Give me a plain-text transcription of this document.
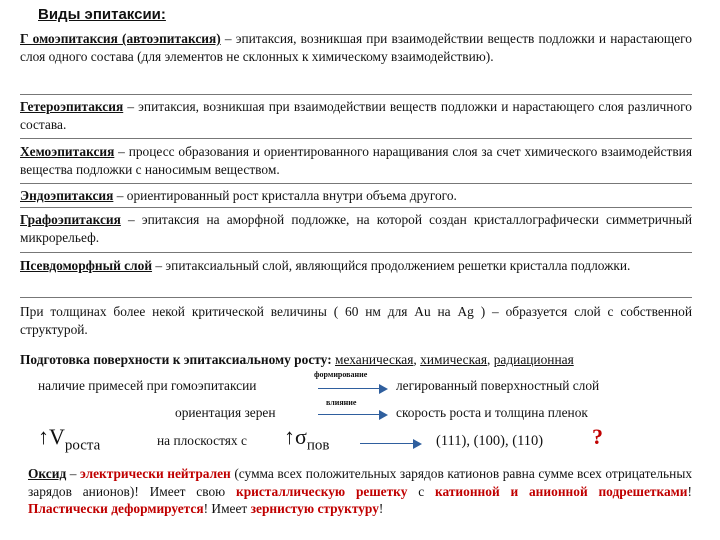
Виды эпитаксии:
Г омоэпитаксия (автоэпитаксия) – эпитаксия, возникшая при взаимодействии веществ подложки и нарастающего слоя одного состава (для элементов не склонных к химическому взаимодействию).
Гетероэпитаксия – эпитаксия, возникшая при взаимодействии веществ подложки и нарастающего слоя различного состава.
Хемоэпитаксия – процесс образования и ориентированного наращивания слоя за счет химического взаимодействия вещества подложки с наносимым веществом.
Эндоэпитаксия – ориентированный рост кристалла внутри объема другого.
Графоэпитаксия – эпитаксия на аморфной подложке, на которой создан кристаллографически симметричный микрорельеф.
Псевдоморфный слой – эпитаксиальный слой, являющийся продолжением решетки кристалла подложки.
При толщинах более некой критической величины ( 60 нм для Au на Ag ) – образуется слой с собственной структурой.
Подготовка поверхности к эпитаксиальному росту: механическая, химическая, радиационная
наличие примесей при гомоэпитаксии
формирование
легированный поверхностный слой
ориентация зерен
влияние
скорость роста и толщина пленок
$↑V_{роста}$	на плоскостях с $↑\sigma_{пов}$	(111), (100), (110) ?
Оксид – электрически нейтрален (сумма всех положительных зарядов катионов равна сумме всех отрицательных зарядов анионов)! Имеет свою кристаллическую решетку с катионной и анионной подрешетками! Пластически деформируется! Имеет зернистую структуру!
